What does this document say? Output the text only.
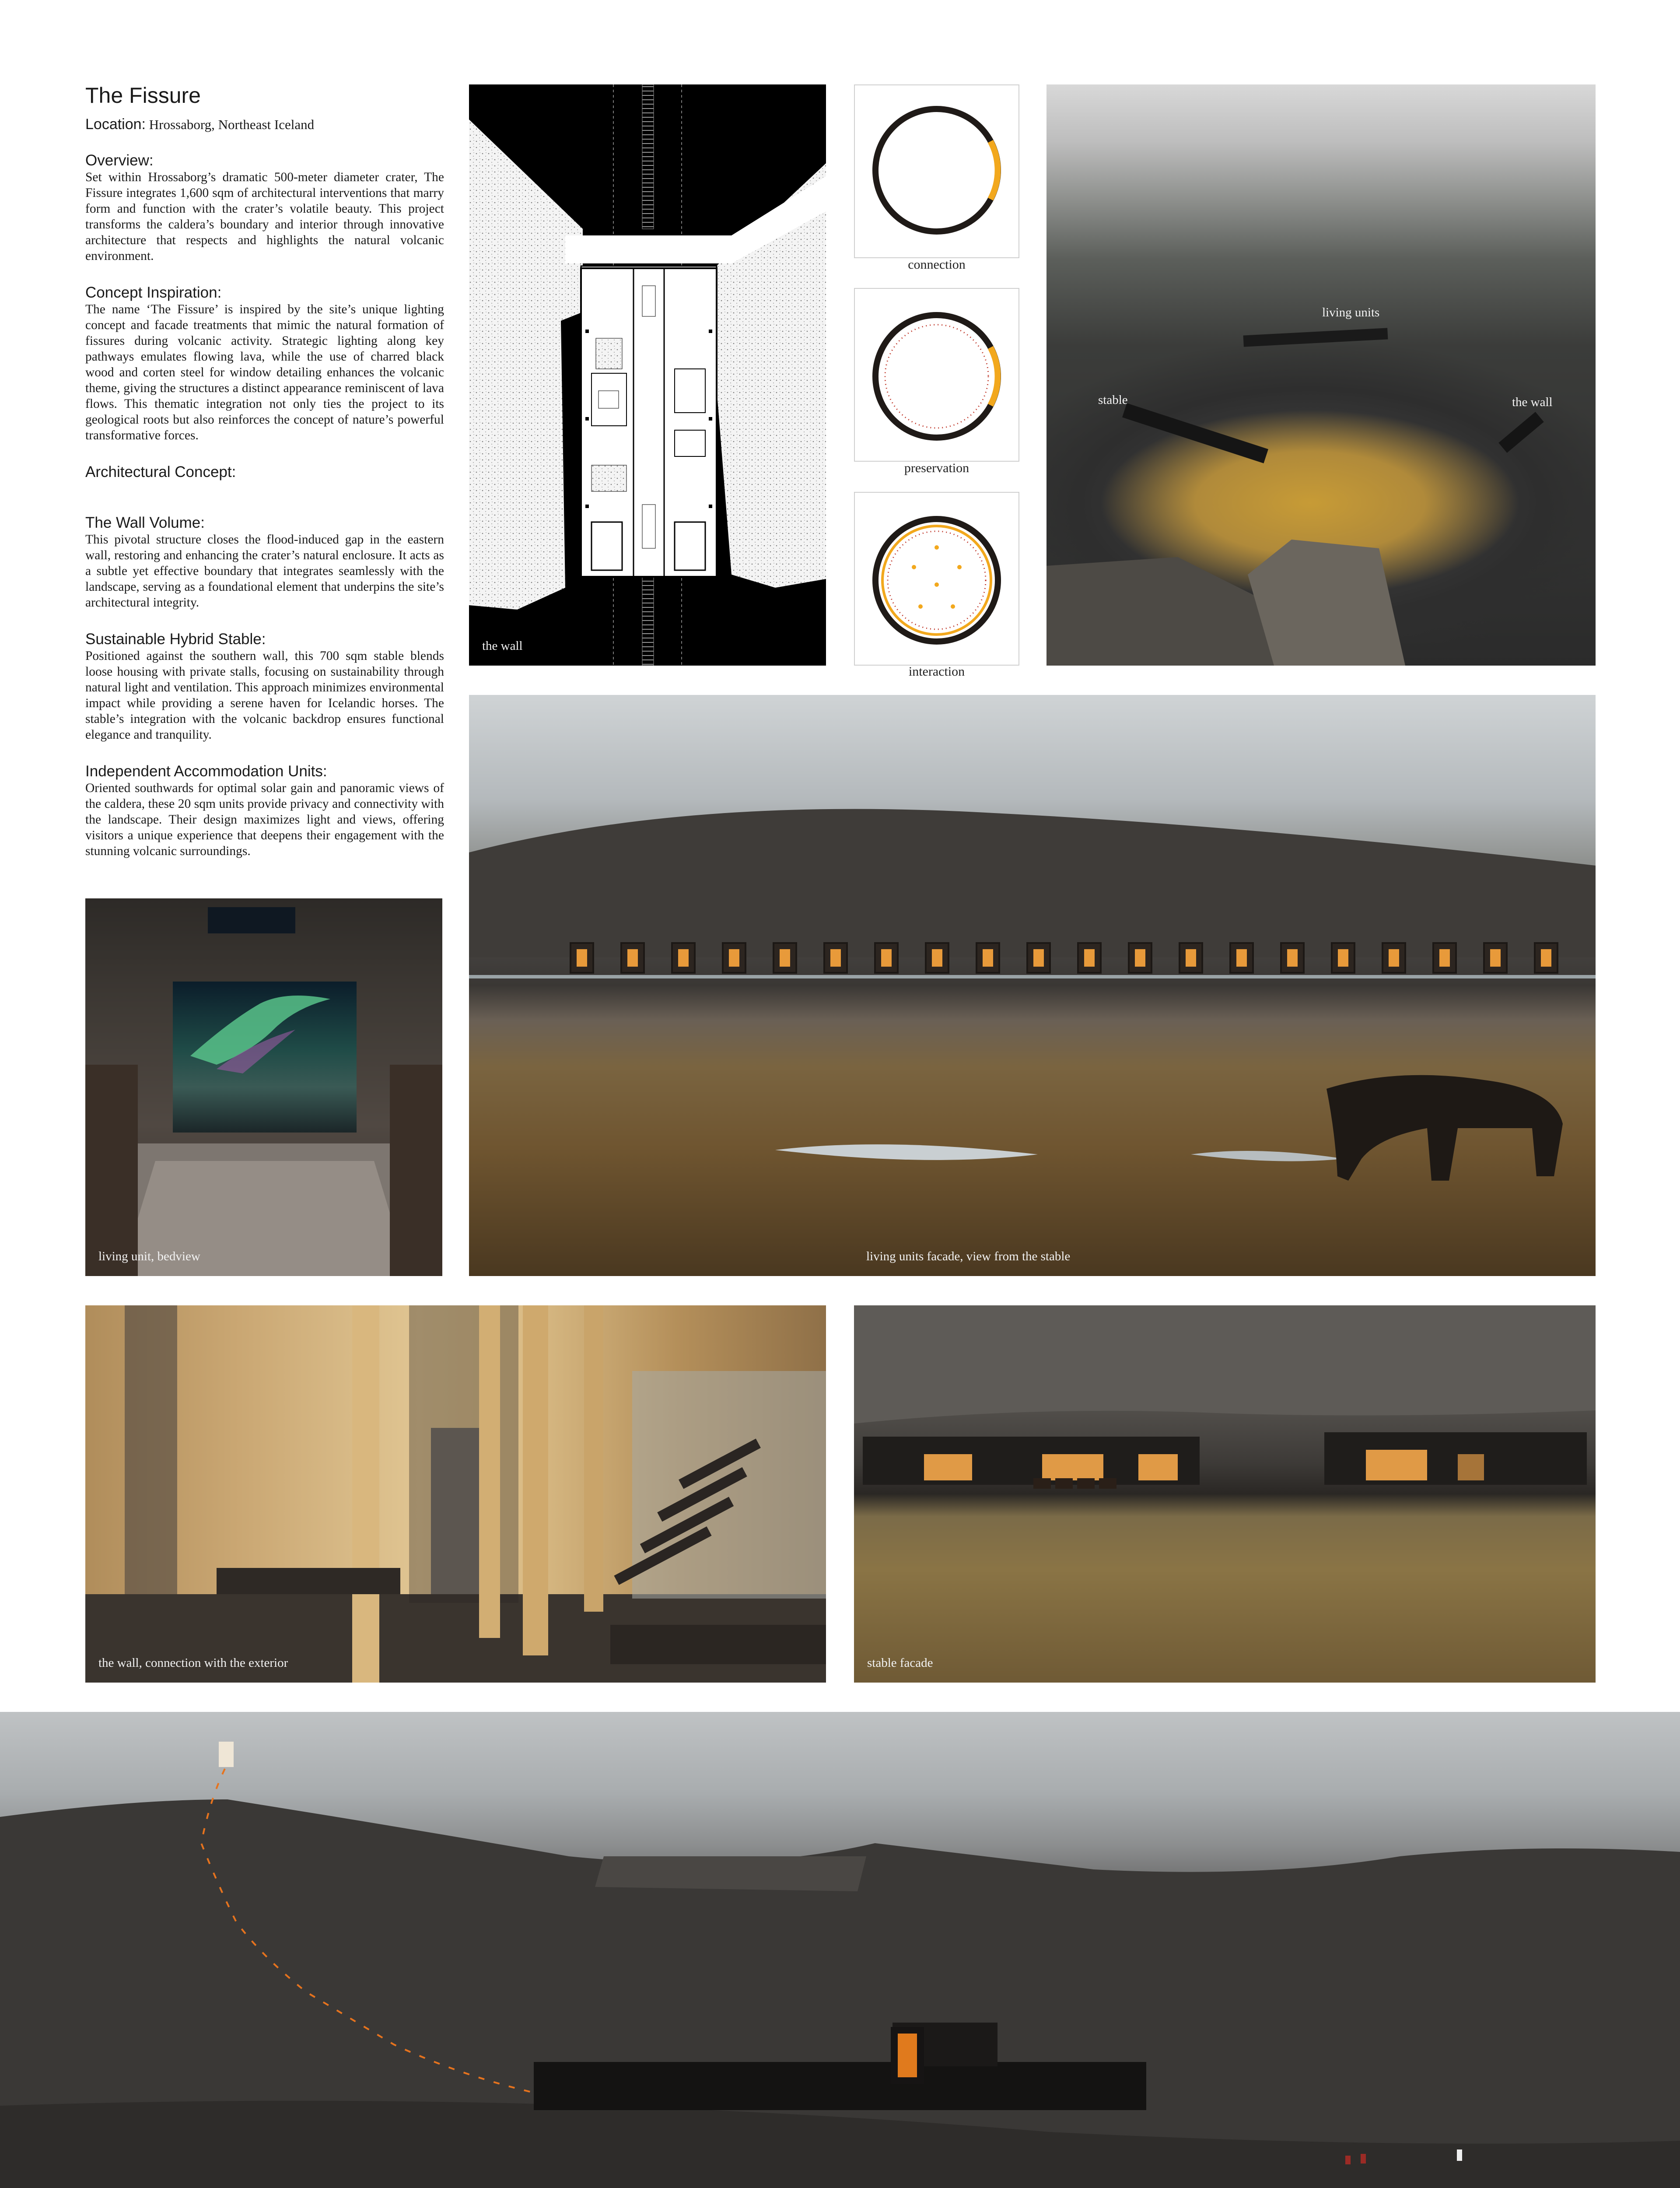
The Fissure

Location: Hrossaborg, Northeast Iceland

Overview:

Set within Hrossaborg’s dramatic 500-meter diameter crater, The Fissure integrates 1,600 sqm of architectural interventions that marry form and function with the crater’s volatile beauty. This project transforms the caldera’s boundary and interior through innovative architecture that respects and highlights the natural volcanic environment.

Concept Inspiration:

The name ‘The Fissure’ is inspired by the site’s unique lighting concept and facade treatments that mimic the natural formation of fissures during volcanic activity. Strategic lighting along key pathways emulates flowing lava, while the use of charred black wood and corten steel for window detailing enhances the volcanic theme, giving the structures a distinct appearance reminiscent of lava flows. This thematic integration not only ties the project to its geological roots but also reinforces the concept of nature’s powerful transformative forces.

Architectural Concept:
The Wall Volume:

This pivotal structure closes the flood-induced gap in the eastern wall, restoring and enhancing the crater’s natural enclosure. It acts as a subtle yet effective boundary that integrates seamlessly with the landscape, serving as a foundational element that underpins the site’s architectural integrity.

Sustainable Hybrid Stable:

Positioned against the southern wall, this 700 sqm stable blends loose housing with private stalls, focusing on sustainability through natural light and ventilation. This approach minimizes environmental impact while providing a serene haven for Icelandic horses. The stable’s integration with the volcanic backdrop ensures functional elegance and tranquility.

Independent Accommodation Units:

Oriented southwards for optimal solar gain and panoramic views of the caldera, these 20 sqm units provide privacy and connectivity with the landscape. Their design maximizes light and views, offering visitors a unique experience that deepens their engagement with the stunning volcanic surroundings.

the wall
connection
preservation
interaction
living units
stable	the wall
living units facade, view from the stable
living unit, bedview
the wall, connection with the exterior	stable facade
